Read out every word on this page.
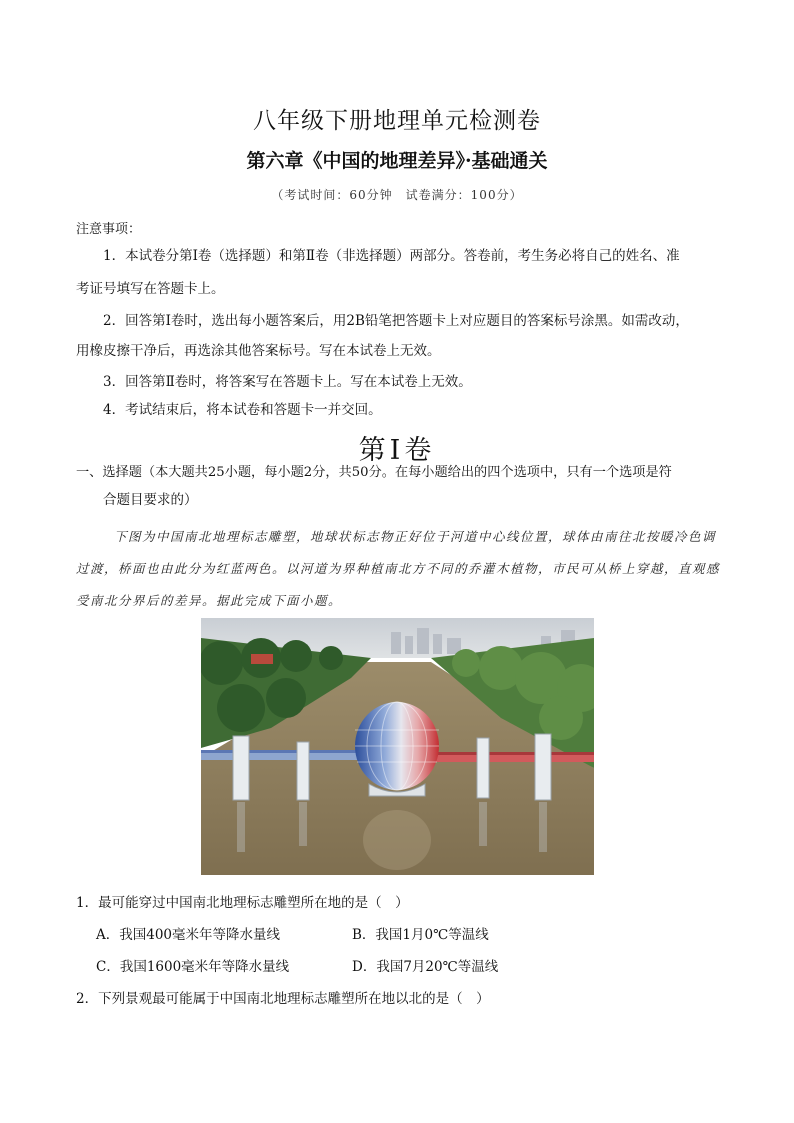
八年级下册地理单元检测卷
第六章《中国的地理差异》·基础通关
（考试时间：60分钟　试卷满分：100分）
注意事项：
1．本试卷分第Ⅰ卷（选择题）和第Ⅱ卷（非选择题）两部分。答卷前，考生务必将自己的姓名、准
考证号填写在答题卡上。
2．回答第Ⅰ卷时，选出每小题答案后，用2B铅笔把答题卡上对应题目的答案标号涂黑。如需改动，
用橡皮擦干净后，再选涂其他答案标号。写在本试卷上无效。
3．回答第Ⅱ卷时，将答案写在答题卡上。写在本试卷上无效。
4．考试结束后，将本试卷和答题卡一并交回。
第Ⅰ卷
一、选择题（本大题共25小题，每小题2分，共50分。在每小题给出的四个选项中，只有一个选项是符
合题目要求的）
下图为中国南北地理标志雕塑，地球状标志物正好位于河道中心线位置，球体由南往北按暖冷色调
过渡，桥面也由此分为红蓝两色。以河道为界种植南北方不同的乔灌木植物，市民可从桥上穿越，直观感
受南北分界后的差异。据此完成下面小题。
1．最可能穿过中国南北地理标志雕塑所在地的是（　）
A．我国400毫米年等降水量线	B．我国1月0℃等温线
C．我国1600毫米年等降水量线	D．我国7月20℃等温线
2．下列景观最可能属于中国南北地理标志雕塑所在地以北的是（　）
